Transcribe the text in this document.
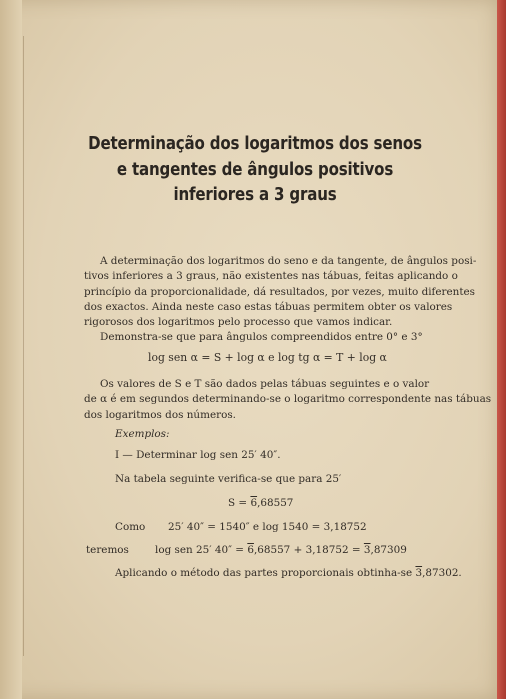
Determinação dos logaritmos dos senos
e tangentes de ângulos positivos
inferiores a 3 graus
A determinação dos logaritmos do seno e da tangente, de ângulos posi-
tivos inferiores a 3 graus, não existentes nas tábuas, feitas aplicando o
princípio da proporcionalidade, dá resultados, por vezes, muito diferentes
dos exactos. Ainda neste caso estas tábuas permitem obter os valores
rigorosos dos logaritmos pelo processo que vamos indicar.
Demonstra-se que para ângulos compreendidos entre 0° e 3°
log sen α = S + log α e log tg α = T + log α
Os valores de S e T são dados pelas tábuas seguintes e o valor
de α é em segundos determinando-se o logaritmo correspondente nas tábuas
dos logaritmos dos números.
Exemplos:
I — Determinar log sen 25′ 40″.
Na tabela seguinte verifica-se que para 25′
S = 6,68557
Como 25′ 40″ = 1540″ e log 1540 = 3,18752
teremos	log sen 25′ 40″ = 6,68557 + 3,18752 = 3,87309
Aplicando o método das partes proporcionais obtinha-se 3,87302.
